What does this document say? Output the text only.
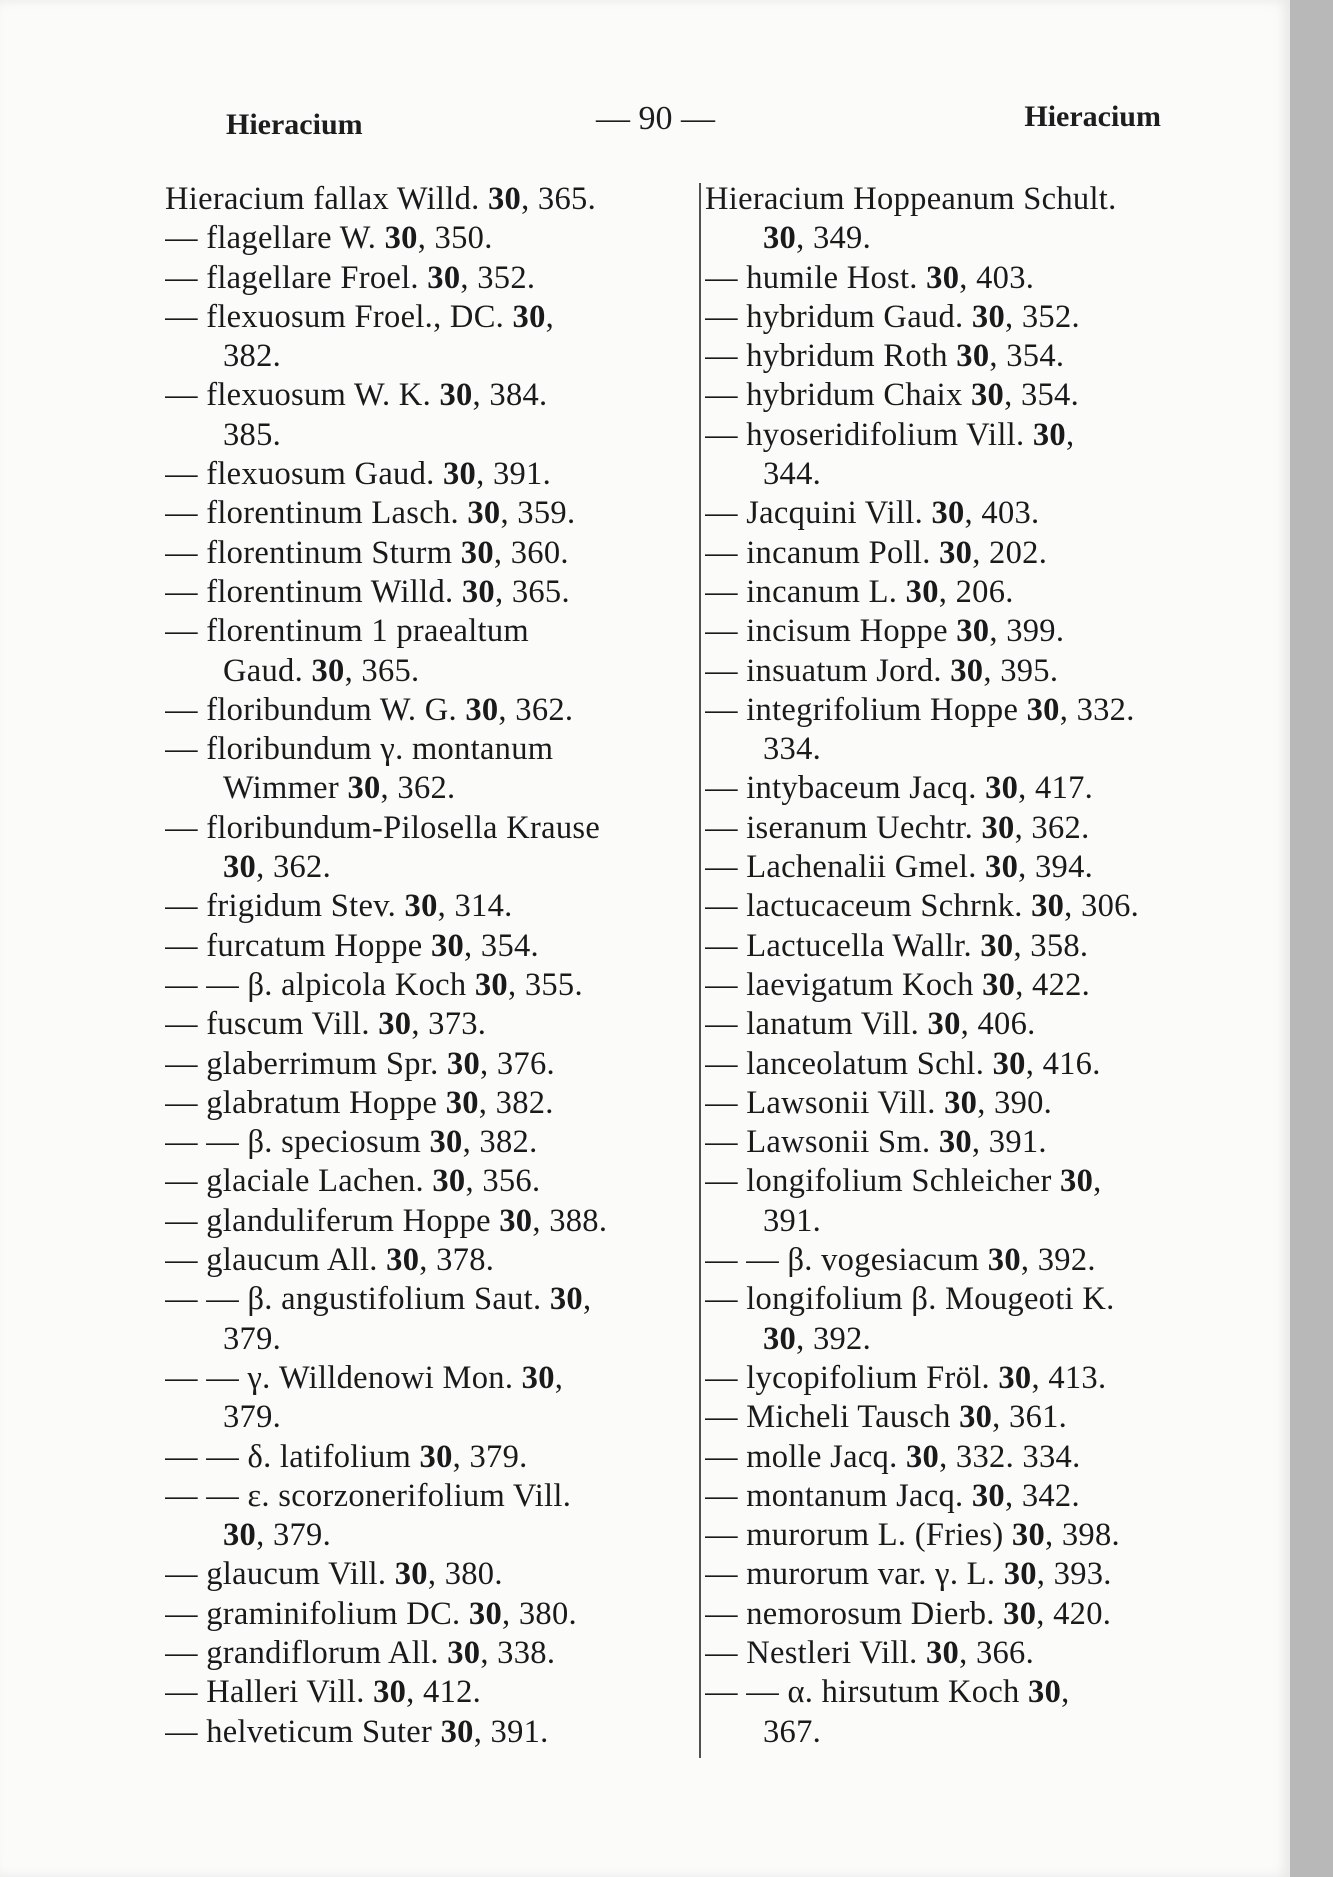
Hieracium	— 90 —	Hieracium
Hieracium fallax Willd. 30, 365.
— flagellare W. 30, 350.
— flagellare Froel. 30, 352.
— flexuosum Froel., DC. 30,
382.
— flexuosum W. K. 30, 384.
385.
— flexuosum Gaud. 30, 391.
— florentinum Lasch. 30, 359.
— florentinum Sturm 30, 360.
— florentinum Willd. 30, 365.
— florentinum 1 praealtum
Gaud. 30, 365.
— floribundum W. G. 30, 362.
— floribundum γ. montanum
Wimmer 30, 362.
— floribundum-Pilosella Krause
30, 362.
— frigidum Stev. 30, 314.
— furcatum Hoppe 30, 354.
— — β. alpicola Koch 30, 355.
— fuscum Vill. 30, 373.
— glaberrimum Spr. 30, 376.
— glabratum Hoppe 30, 382.
— — β. speciosum 30, 382.
— glaciale Lachen. 30, 356.
— glanduliferum Hoppe 30, 388.
— glaucum All. 30, 378.
— — β. angustifolium Saut. 30,
379.
— — γ. Willdenowi Mon. 30,
379.
— — δ. latifolium 30, 379.
— — ε. scorzonerifolium Vill.
30, 379.
— glaucum Vill. 30, 380.
— graminifolium DC. 30, 380.
— grandiflorum All. 30, 338.
— Halleri Vill. 30, 412.
— helveticum Suter 30, 391.
Hieracium Hoppeanum Schult.
30, 349.
— humile Host. 30, 403.
— hybridum Gaud. 30, 352.
— hybridum Roth 30, 354.
— hybridum Chaix 30, 354.
— hyoseridifolium Vill. 30,
344.
— Jacquini Vill. 30, 403.
— incanum Poll. 30, 202.
— incanum L. 30, 206.
— incisum Hoppe 30, 399.
— insuatum Jord. 30, 395.
— integrifolium Hoppe 30, 332.
334.
— intybaceum Jacq. 30, 417.
— iseranum Uechtr. 30, 362.
— Lachenalii Gmel. 30, 394.
— lactucaceum Schrnk. 30, 306.
— Lactucella Wallr. 30, 358.
— laevigatum Koch 30, 422.
— lanatum Vill. 30, 406.
— lanceolatum Schl. 30, 416.
— Lawsonii Vill. 30, 390.
— Lawsonii Sm. 30, 391.
— longifolium Schleicher 30,
391.
— — β. vogesiacum 30, 392.
— longifolium β. Mougeoti K.
30, 392.
— lycopifolium Fröl. 30, 413.
— Micheli Tausch 30, 361.
— molle Jacq. 30, 332. 334.
— montanum Jacq. 30, 342.
— murorum L. (Fries) 30, 398.
— murorum var. γ. L. 30, 393.
— nemorosum Dierb. 30, 420.
— Nestleri Vill. 30, 366.
— — α. hirsutum Koch 30,
367.
